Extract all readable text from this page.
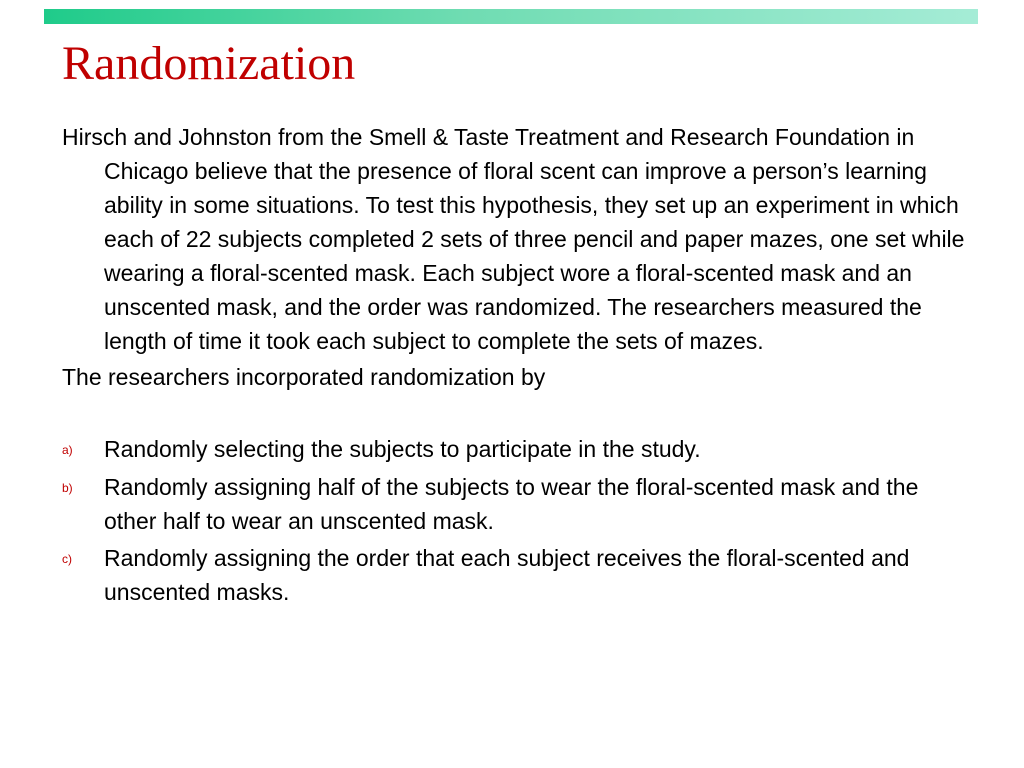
Randomization

Hirsch and Johnston from the Smell & Taste Treatment and Research Foundation in Chicago believe that the presence of floral scent can improve a person’s learning ability in some situations. To test this hypothesis, they set up an experiment in which each of 22 subjects completed 2 sets of three pencil and paper mazes, one set while wearing a floral-scented mask. Each subject wore a floral-scented mask and an unscented mask, and the order was randomized. The researchers measured the length of time it took each subject to complete the sets of mazes.

The researchers incorporated randomization by

a)	Randomly selecting the subjects to participate in the study.
b)	Randomly assigning half of the subjects to wear the floral-scented mask and the other half to wear an unscented mask.
c)	Randomly assigning the order that each subject receives the floral-scented and unscented masks.
